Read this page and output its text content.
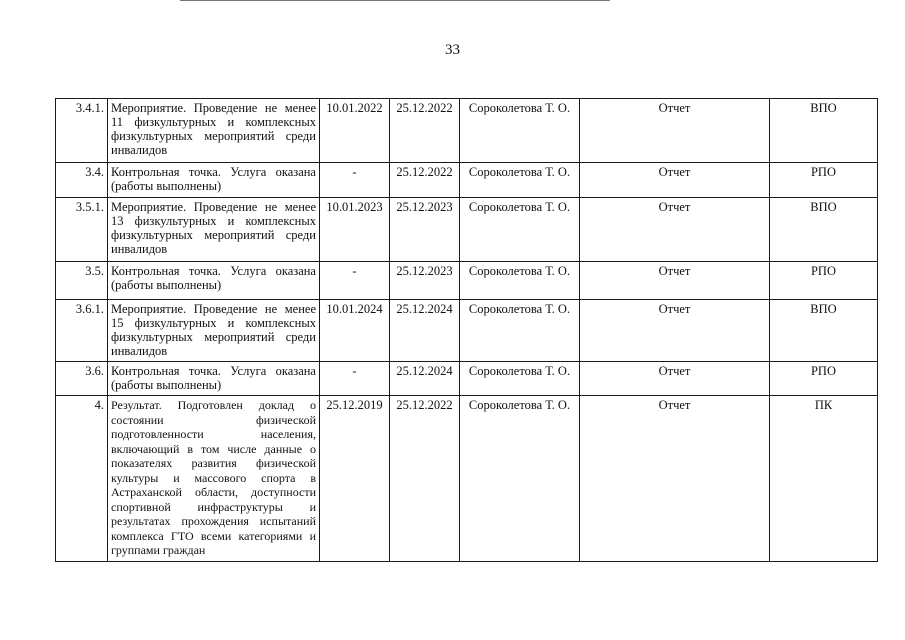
33
3.4.1.	Мероприятие. Проведение не менее 11 физкультурных и комплексных физкультурных мероприятий среди инвалидов	10.01.2022	25.12.2022	Сороколетова Т. О.	Отчет	ВПО
3.4.	Контрольная точка. Услуга оказана (работы выполнены)	-	25.12.2022	Сороколетова Т. О.	Отчет	РПО
3.5.1.	Мероприятие. Проведение не менее 13 физкультурных и комплексных физкультурных мероприятий среди инвалидов	10.01.2023	25.12.2023	Сороколетова Т. О.	Отчет	ВПО
3.5.	Контрольная точка. Услуга оказана (работы выполнены)	-	25.12.2023	Сороколетова Т. О.	Отчет	РПО
3.6.1.	Мероприятие. Проведение не менее 15 физкультурных и комплексных физкультурных мероприятий среди инвалидов	10.01.2024	25.12.2024	Сороколетова Т. О.	Отчет	ВПО
3.6.	Контрольная точка. Услуга оказана (работы выполнены)	-	25.12.2024	Сороколетова Т. О.	Отчет	РПО
4.	Результат. Подготовлен доклад о состоянии физической подготовленности населения, включающий в том числе данные о показателях развития физической культуры и массового спорта в Астраханской области, доступности спортивной инфраструктуры и результатах прохождения испытаний комплекса ГТО всеми категориями и группами граждан	25.12.2019	25.12.2022	Сороколетова Т. О.	Отчет	ПК
